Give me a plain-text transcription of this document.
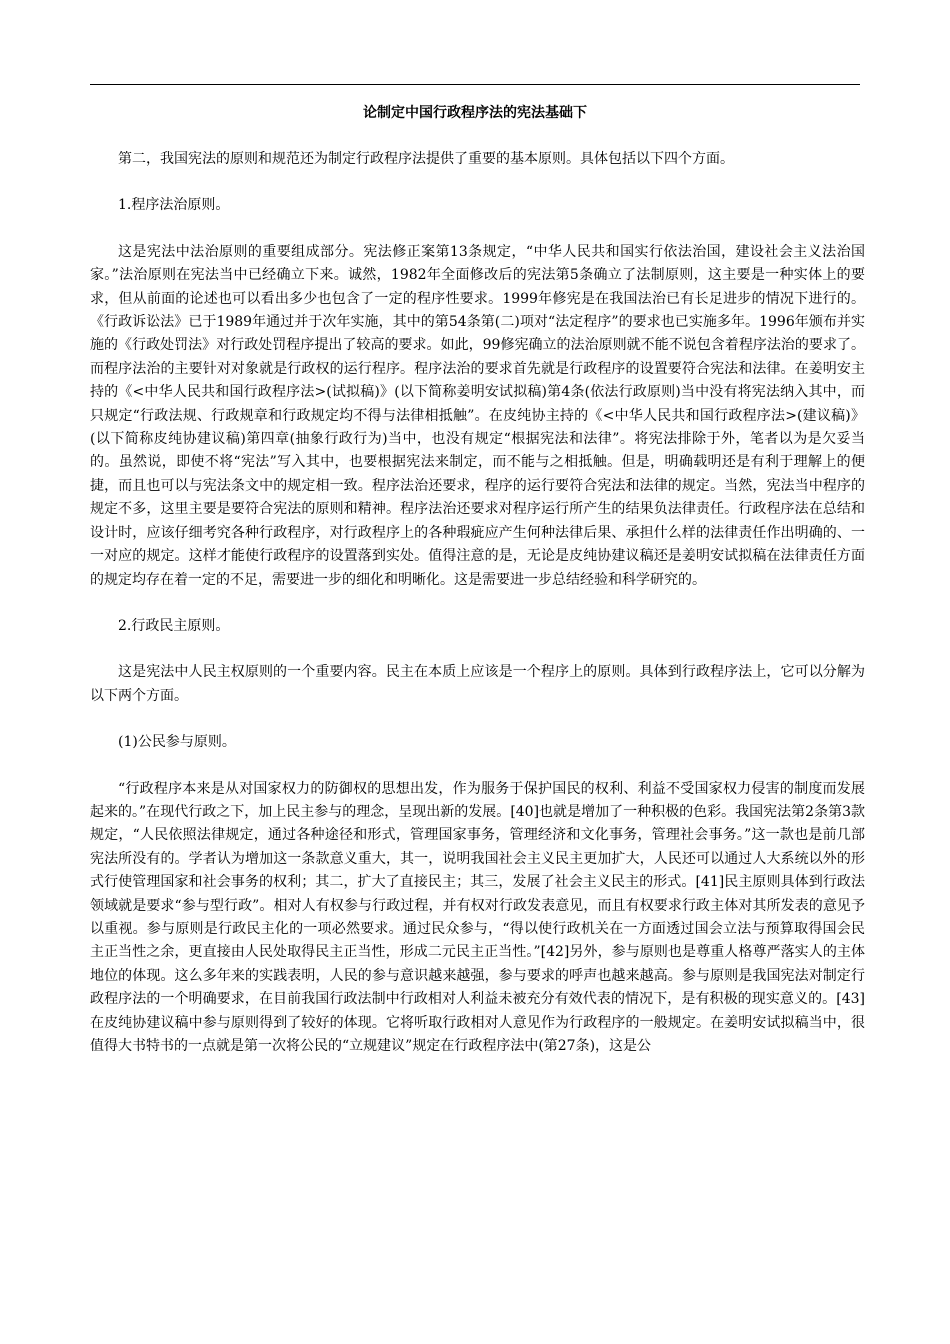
论制定中国行政程序法的宪法基础下

第二，我国宪法的原则和规范还为制定行政程序法提供了重要的基本原则。具体包括以下四个方面。

1.程序法治原则。

这是宪法中法治原则的重要组成部分。宪法修正案第13条规定，“中华人民共和国实行依法治国，建设社会主义法治国家。”法治原则在宪法当中已经确立下来。诚然，1982年全面修改后的宪法第5条确立了法制原则，这主要是一种实体上的要求，但从前面的论述也可以看出多少也包含了一定的程序性要求。1999年修宪是在我国法治已有长足进步的情况下进行的。《行政诉讼法》已于1989年通过并于次年实施，其中的第54条第(二)项对“法定程序”的要求也已实施多年。1996年颁布并实施的《行政处罚法》对行政处罚程序提出了较高的要求。如此，99修宪确立的法治原则就不能不说包含着程序法治的要求了。而程序法治的主要针对对象就是行政权的运行程序。程序法治的要求首先就是行政程序的设置要符合宪法和法律。在姜明安主持的《<中华人民共和国行政程序法>(试拟稿)》(以下简称姜明安试拟稿)第4条(依法行政原则)当中没有将宪法纳入其中，而只规定“行政法规、行政规章和行政规定均不得与法律相抵触”。在皮纯协主持的《<中华人民共和国行政程序法>(建议稿)》(以下简称皮纯协建议稿)第四章(抽象行政行为)当中，也没有规定“根据宪法和法律”。将宪法排除于外，笔者以为是欠妥当的。虽然说，即使不将“宪法”写入其中，也要根据宪法来制定，而不能与之相抵触。但是，明确载明还是有利于理解上的便捷，而且也可以与宪法条文中的规定相一致。程序法治还要求，程序的运行要符合宪法和法律的规定。当然，宪法当中程序的规定不多，这里主要是要符合宪法的原则和精神。程序法治还要求对程序运行所产生的结果负法律责任。行政程序法在总结和设计时，应该仔细考究各种行政程序，对行政程序上的各种瑕疵应产生何种法律后果、承担什么样的法律责任作出明确的、一一对应的规定。这样才能使行政程序的设置落到实处。值得注意的是，无论是皮纯协建议稿还是姜明安试拟稿在法律责任方面的规定均存在着一定的不足，需要进一步的细化和明晰化。这是需要进一步总结经验和科学研究的。

2.行政民主原则。

这是宪法中人民主权原则的一个重要内容。民主在本质上应该是一个程序上的原则。具体到行政程序法上，它可以分解为以下两个方面。

(1)公民参与原则。

“行政程序本来是从对国家权力的防御权的思想出发，作为服务于保护国民的权利、利益不受国家权力侵害的制度而发展起来的。”在现代行政之下，加上民主参与的理念，呈现出新的发展。[40]也就是增加了一种积极的色彩。我国宪法第2条第3款规定，“人民依照法律规定，通过各种途径和形式，管理国家事务，管理经济和文化事务，管理社会事务。”这一款也是前几部宪法所没有的。学者认为增加这一条款意义重大，其一，说明我国社会主义民主更加扩大，人民还可以通过人大系统以外的形式行使管理国家和社会事务的权利；其二，扩大了直接民主；其三，发展了社会主义民主的形式。[41]民主原则具体到行政法领域就是要求“参与型行政”。相对人有权参与行政过程，并有权对行政发表意见，而且有权要求行政主体对其所发表的意见予以重视。参与原则是行政民主化的一项必然要求。通过民众参与，“得以使行政机关在一方面透过国会立法与预算取得国会民主正当性之余，更直接由人民处取得民主正当性，形成二元民主正当性。”[42]另外，参与原则也是尊重人格尊严落实人的主体地位的体现。这么多年来的实践表明，人民的参与意识越来越强，参与要求的呼声也越来越高。参与原则是我国宪法对制定行政程序法的一个明确要求，在目前我国行政法制中行政相对人利益未被充分有效代表的情况下，是有积极的现实意义的。[43]在皮纯协建议稿中参与原则得到了较好的体现。它将听取行政相对人意见作为行政程序的一般规定。在姜明安试拟稿当中，很值得大书特书的一点就是第一次将公民的“立规建议”规定在行政程序法中(第27条)，这是公
